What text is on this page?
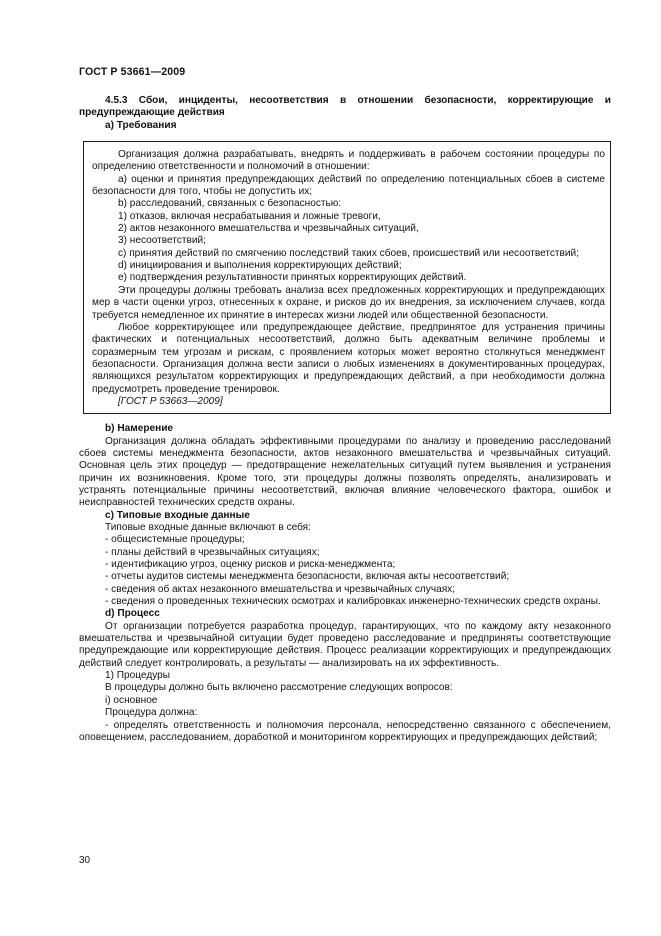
ГОСТ Р 53661—2009

4.5.3 Сбои, инциденты, несоответствия в отношении безопасности, корректирующие и предупреждающие действия

а) Требования

Организация должна разрабатывать, внедрять и поддерживать в рабочем состоянии процедуры по определению ответственности и полномочий в отношении:

а) оценки и принятия предупреждающих действий по определению потенциальных сбоев в системе безопасности для того, чтобы не допустить их;

b) расследований, связанных с безопасностью:

1) отказов, включая несрабатывания и ложные тревоги,

2) актов незаконного вмешательства и чрезвычайных ситуаций,

3) несоответствий;

c) принятия действий по смягчению последствий таких сбоев, происшествий или несоответствий;

d) инициирования и выполнения корректирующих действий;

e) подтверждения результативности принятых корректирующих действий.

Эти процедуры должны требовать анализа всех предложенных корректирующих и предупреждающих мер в части оценки угроз, отнесенных к охране, и рисков до их внедрения, за исключением случаев, когда требуется немедленное их принятие в интересах жизни людей или общественной безопасности.

Любое корректирующее или предупреждающее действие, предпринятое для устранения причины фактических и потенциальных несоответствий, должно быть адекватным величине проблемы и соразмерным тем угрозам и рискам, с проявлением которых может вероятно столкнуться менеджмент безопасности. Организация должна вести записи о любых изменениях в документированных процедурах, являющихся результатом корректирующих и предупреждающих действий, а при необходимости должна предусмотреть проведение тренировок.

[ГОСТ Р 53663—2009]

b) Намерение

Организация должна обладать эффективными процедурами по анализу и проведению расследований сбоев системы менеджмента безопасности, актов незаконного вмешательства и чрезвычайных ситуаций. Основная цель этих процедур — предотвращение нежелательных ситуаций путем выявления и устранения причин их возникновения. Кроме того, эти процедуры должны позволять определять, анализировать и устранять потенциальные причины несоответствий, включая влияние человеческого фактора, ошибок и неисправностей технических средств охраны.

c) Типовые входные данные

Типовые входные данные включают в себя:

- общесистемные процедуры;

- планы действий в чрезвычайных ситуациях;

- идентификацию угроз, оценку рисков и риска-менеджмента;

- отчеты аудитов системы менеджмента безопасности, включая акты несоответствий;

- сведения об актах незаконного вмешательства и чрезвычайных случаях;

- сведения о проведенных технических осмотрах и калибровках инженерно-технических средств охраны.

d) Процесс

От организации потребуется разработка процедур, гарантирующих, что по каждому акту незаконного вмешательства и чрезвычайной ситуации будет проведено расследование и предприняты соответствующие предупреждающие или корректирующие действия. Процесс реализации корректирующих и предупреждающих действий следует контролировать, а результаты — анализировать на их эффективность.

1) Процедуры

В процедуры должно быть включено рассмотрение следующих вопросов:

i) основное

Процедура должна:

- определять ответственность и полномочия персонала, непосредственно связанного с обеспечением, оповещением, расследованием, доработкой и мониторингом корректирующих и предупреждающих действий;

30
